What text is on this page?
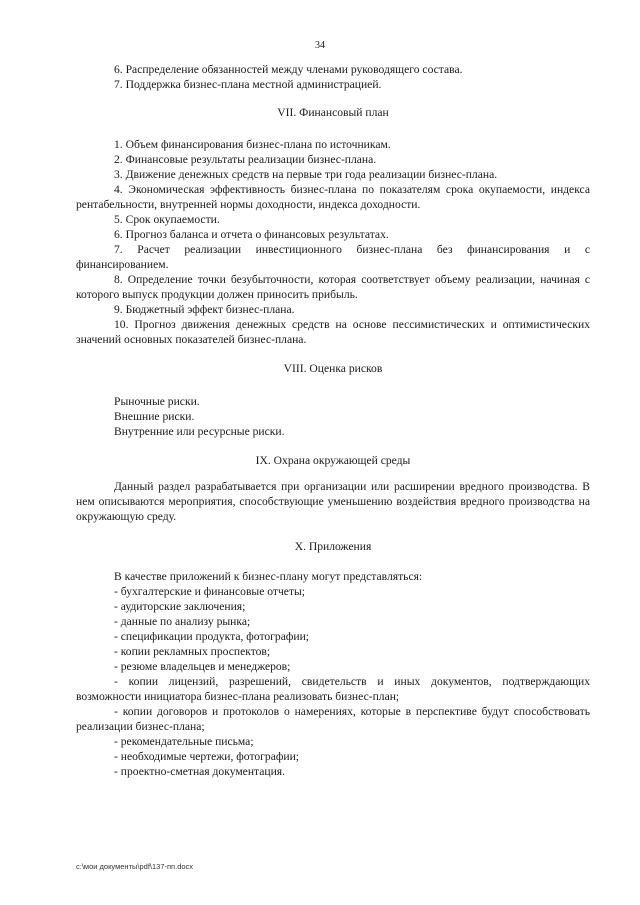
34

6. Распределение обязанностей между членами руководящего состава.

7. Поддержка бизнес-плана местной администрацией.

VII. Финансовый план

1. Объем финансирования бизнес-плана по источникам.

2. Финансовые результаты реализации бизнес-плана.

3. Движение денежных средств на первые три года реализации бизнес-плана.

4. Экономическая эффективность бизнес-плана по показателям срока окупаемости, индекса рентабельности, внутренней нормы доходности, индекса доходности.

5. Срок окупаемости.

6. Прогноз баланса и отчета о финансовых результатах.

7. Расчет реализации инвестиционного бизнес-плана без финансирования и с финансированием.

8. Определение точки безубыточности, которая соответствует объему реализации, начиная с которого выпуск продукции должен приносить прибыль.

9. Бюджетный эффект бизнес-плана.

10. Прогноз движения денежных средств на основе пессимистических и оптимистических значений основных показателей бизнес-плана.

VIII. Оценка рисков

Рыночные риски.

Внешние риски.

Внутренние или ресурсные риски.

IX. Охрана окружающей среды

Данный раздел разрабатывается при организации или расширении вредного производства. В нем описываются мероприятия, способствующие уменьшению воздействия вредного производства на окружающую среду.

X. Приложения

В качестве приложений к бизнес-плану могут представляться:

- бухгалтерские и финансовые отчеты;

- аудиторские заключения;

- данные по анализу рынка;

- спецификации продукта, фотографии;

- копии рекламных проспектов;

- резюме владельцев и менеджеров;

- копии лицензий, разрешений, свидетельств и иных документов, подтверждающих возможности инициатора бизнес-плана реализовать бизнес-план;

- копии договоров и протоколов о намерениях, которые в перспективе будут способствовать реализации бизнес-плана;

- рекомендательные письма;

- необходимые чертежи, фотографии;

- проектно-сметная документация.

c:\мои документы\pdf\137-пп.docx
